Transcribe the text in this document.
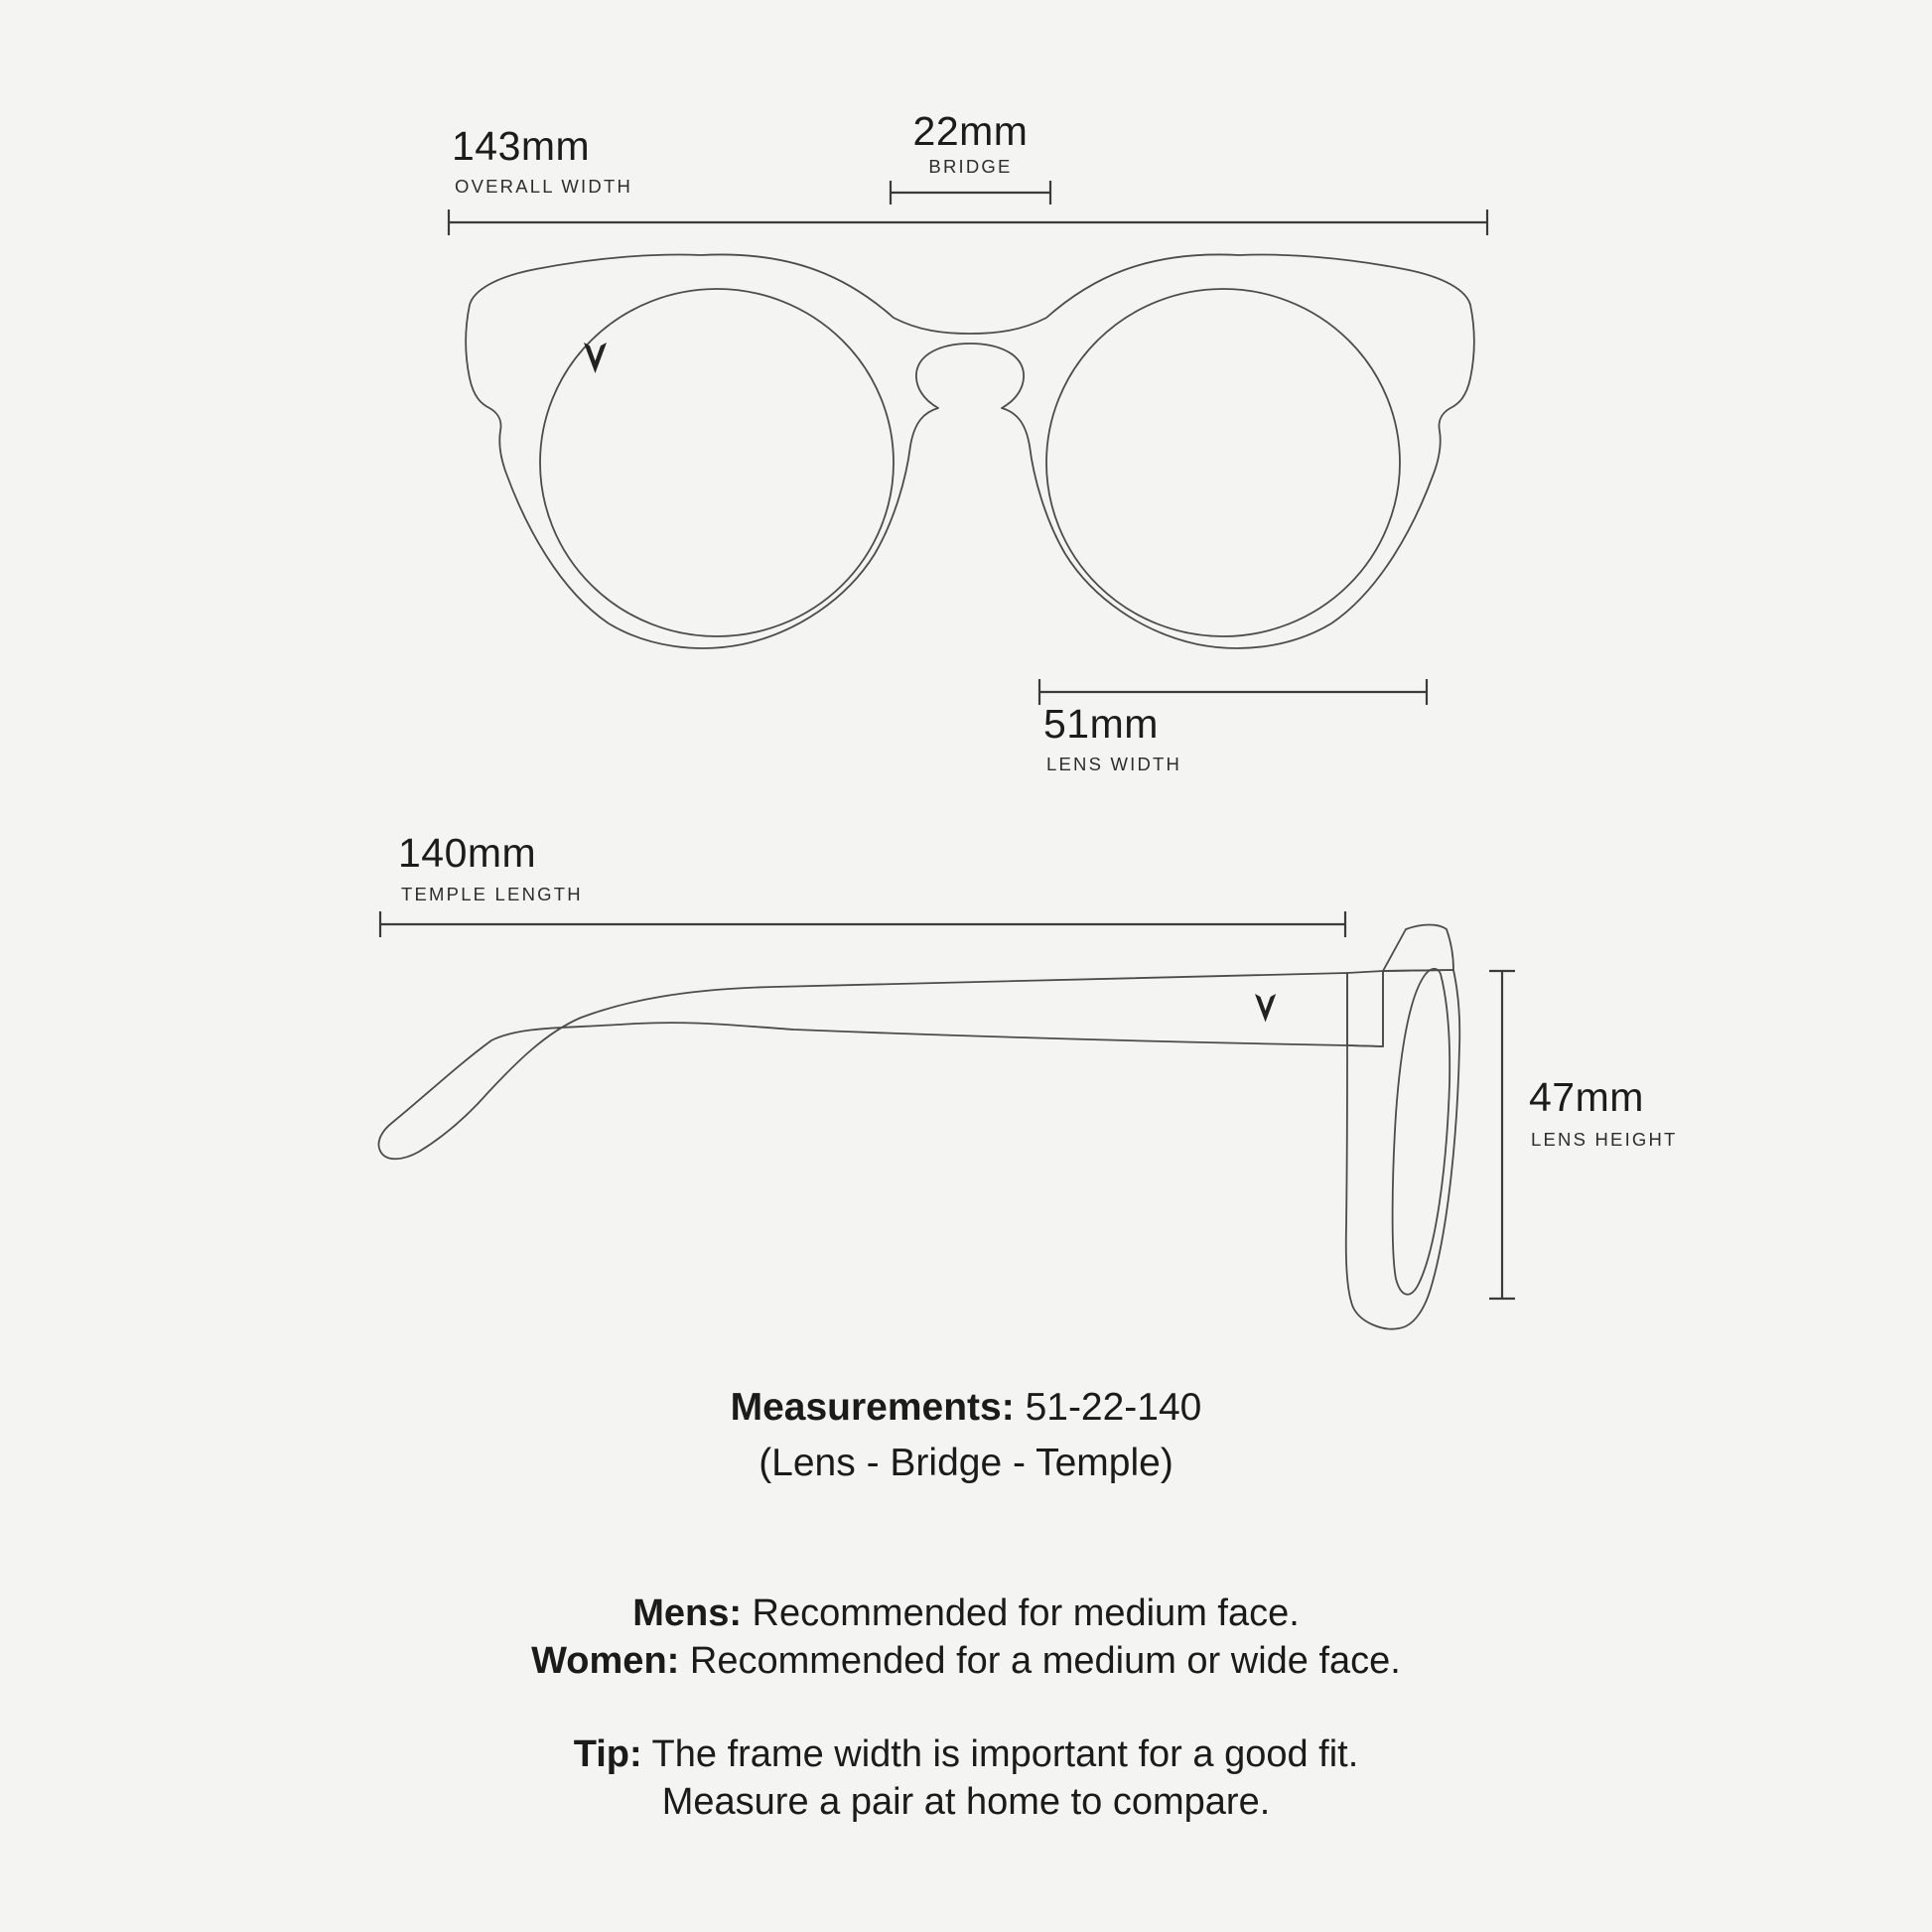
143mm
OVERALL WIDTH
22mm
BRIDGE
51mm
LENS WIDTH
140mm
TEMPLE LENGTH
47mm
LENS HEIGHT
Measurements: 51-22-140
(Lens - Bridge - Temple)
Mens: Recommended for medium face.
Women: Recommended for a medium or wide face.
Tip: The frame width is important for a good fit.
Measure a pair at home to compare.
